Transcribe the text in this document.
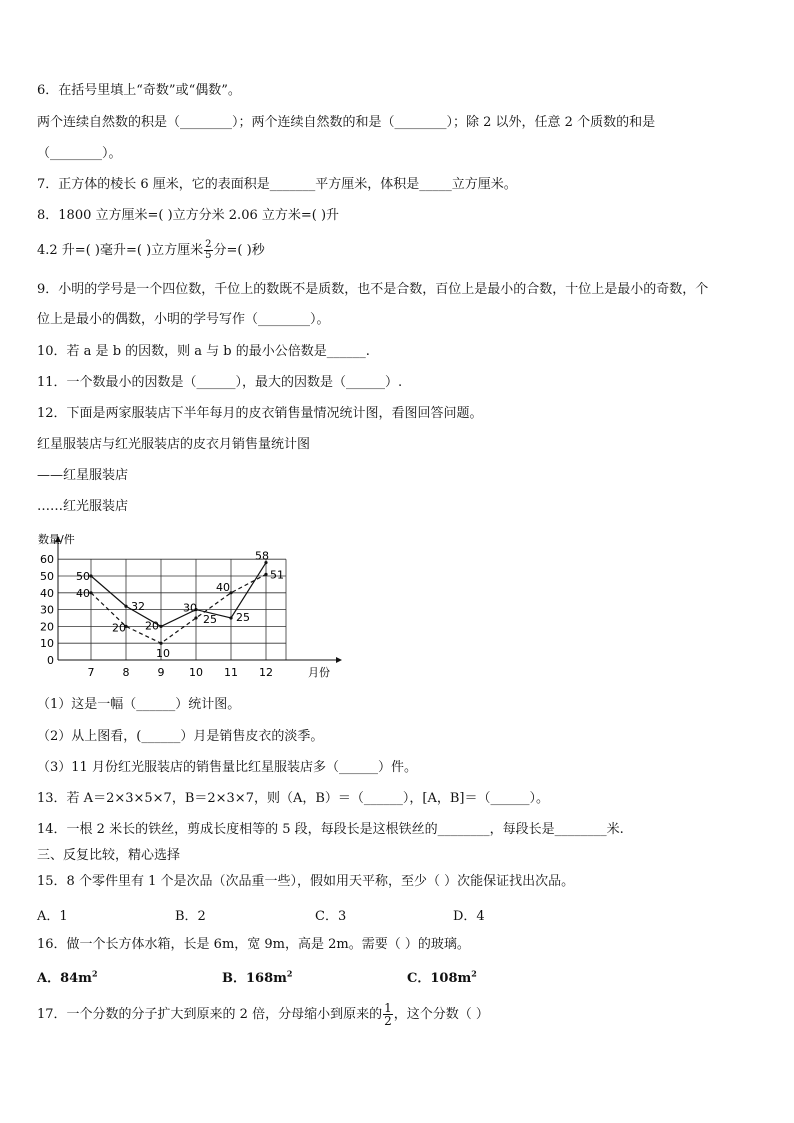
6．在括号里填上“奇数”或“偶数”。
两个连续自然数的积是（________）；两个连续自然数的和是（________）；除 2 以外，任意 2 个质数的和是
（________）。
7．正方体的棱长 6 厘米，它的表面积是_______平方厘米，体积是_____立方厘米。
8．1800 立方厘米=( )立方分米 2.06 立方米=( )升
4.2 升=( )毫升=( )立方厘米 $\frac{2}{5}$ 分=( )秒
9．小明的学号是一个四位数，千位上的数既不是质数，也不是合数，百位上是最小的合数，十位上是最小的奇数，个
位上是最小的偶数，小明的学号写作（________）。
10．若 a 是 b 的因数，则 a 与 b 的最小公倍数是______.
11．一个数最小的因数是（______），最大的因数是（______）.
12．下面是两家服装店下半年每月的皮衣销售量情况统计图，看图回答问题。
红星服装店与红光服装店的皮衣月销售量统计图
——红星服装店
……红光服装店
0
10
20
30
40
50
60
7	8	9 10 11 12
数量/件
月份
50
32
20
30
25
58
40
20
10
25
40
51
（1）这是一幅（______）统计图。
（2）从上图看，(______）月是销售皮衣的淡季。
（3）11 月份红光服装店的销售量比红星服装店多（______）件。
13．若 A＝2×3×5×7，B＝2×3×7，则（A，B）＝（______），[A，B]＝（______）。
14．一根 2 米长的铁丝，剪成长度相等的 5 段，每段长是这根铁丝的________，每段长是________米.
三、反复比较，精心选择
15．8 个零件里有 1 个是次品（次品重一些），假如用天平称，至少（ ）次能保证找出次品。
A．1	B．2	C．3	D．4
16．做一个长方体水箱，长是 6m，宽 9m，高是 2m。需要（ ）的玻璃。
A．$84m^2$	B．$168m^2$	C．$108m^2$
17．一个分数的分子扩大到原来的 2 倍，分母缩小到原来的 $\frac{1}{2}$ ，这个分数（ ）
